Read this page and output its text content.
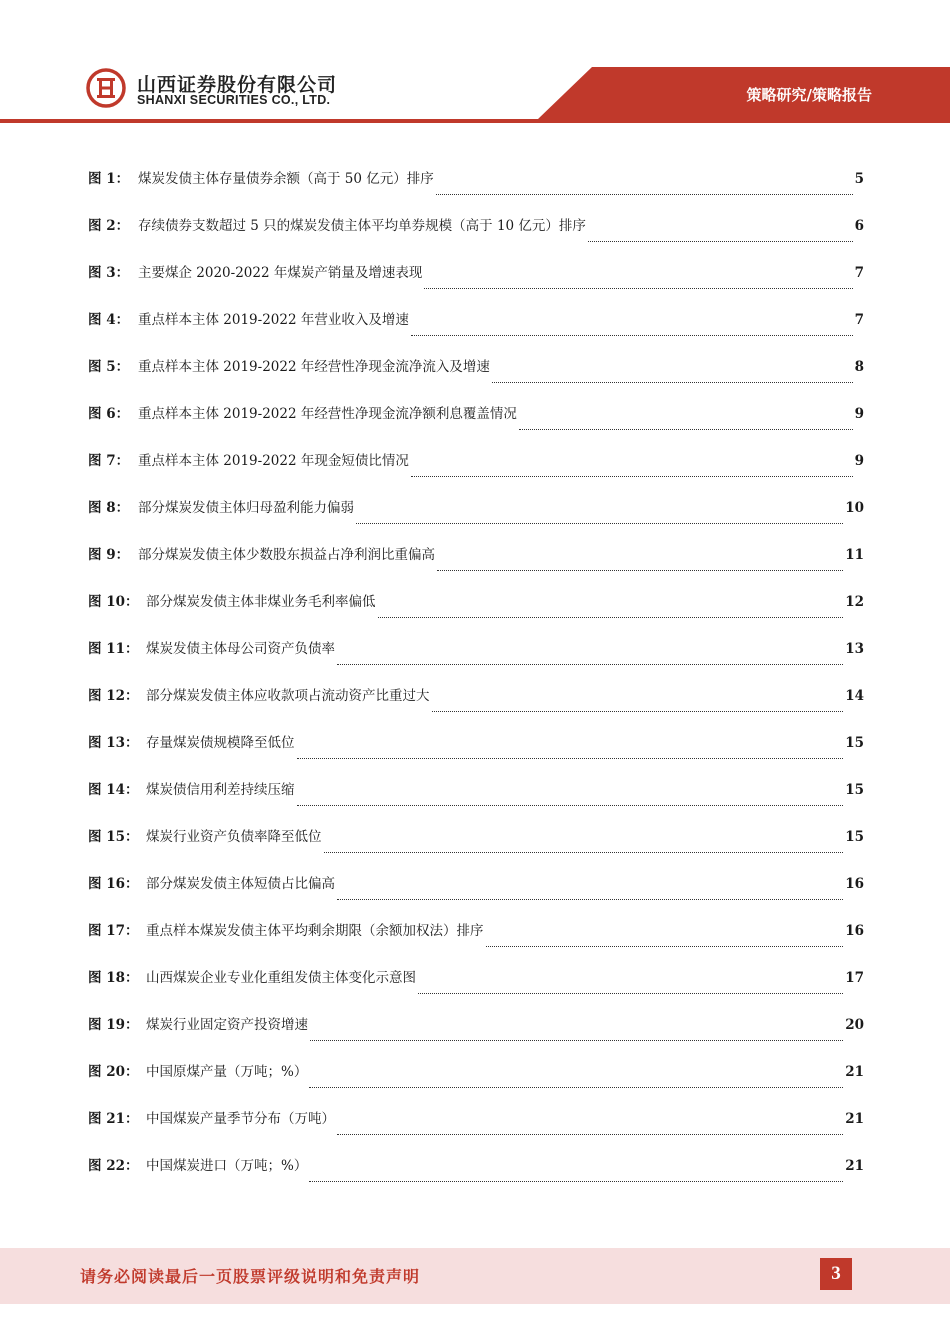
山西证券股份有限公司
SHANXI SECURITIES CO., LTD.	策略研究/策略报告
图 1： 煤炭发债主体存量债券余额（高于 50 亿元）排序	5
图 2： 存续债券支数超过 5 只的煤炭发债主体平均单券规模（高于 10 亿元）排序	6
图 3： 主要煤企 2020-2022 年煤炭产销量及增速表现	7
图 4： 重点样本主体 2019-2022 年营业收入及增速	7
图 5： 重点样本主体 2019-2022 年经营性净现金流净流入及增速	8
图 6： 重点样本主体 2019-2022 年经营性净现金流净额利息覆盖情况	9
图 7： 重点样本主体 2019-2022 年现金短债比情况	9
图 8： 部分煤炭发债主体归母盈利能力偏弱	10
图 9： 部分煤炭发债主体少数股东损益占净利润比重偏高	11
图 10： 部分煤炭发债主体非煤业务毛利率偏低	12
图 11： 煤炭发债主体母公司资产负债率	13
图 12： 部分煤炭发债主体应收款项占流动资产比重过大	14
图 13： 存量煤炭债规模降至低位	15
图 14： 煤炭债信用利差持续压缩	15
图 15： 煤炭行业资产负债率降至低位	15
图 16： 部分煤炭发债主体短债占比偏高	16
图 17： 重点样本煤炭发债主体平均剩余期限（余额加权法）排序	16
图 18： 山西煤炭企业专业化重组发债主体变化示意图	17
图 19： 煤炭行业固定资产投资增速	20
图 20： 中国原煤产量（万吨；%）	21
图 21： 中国煤炭产量季节分布（万吨）	21
图 22： 中国煤炭进口（万吨；%）	21
请务必阅读最后一页股票评级说明和免责声明	3
